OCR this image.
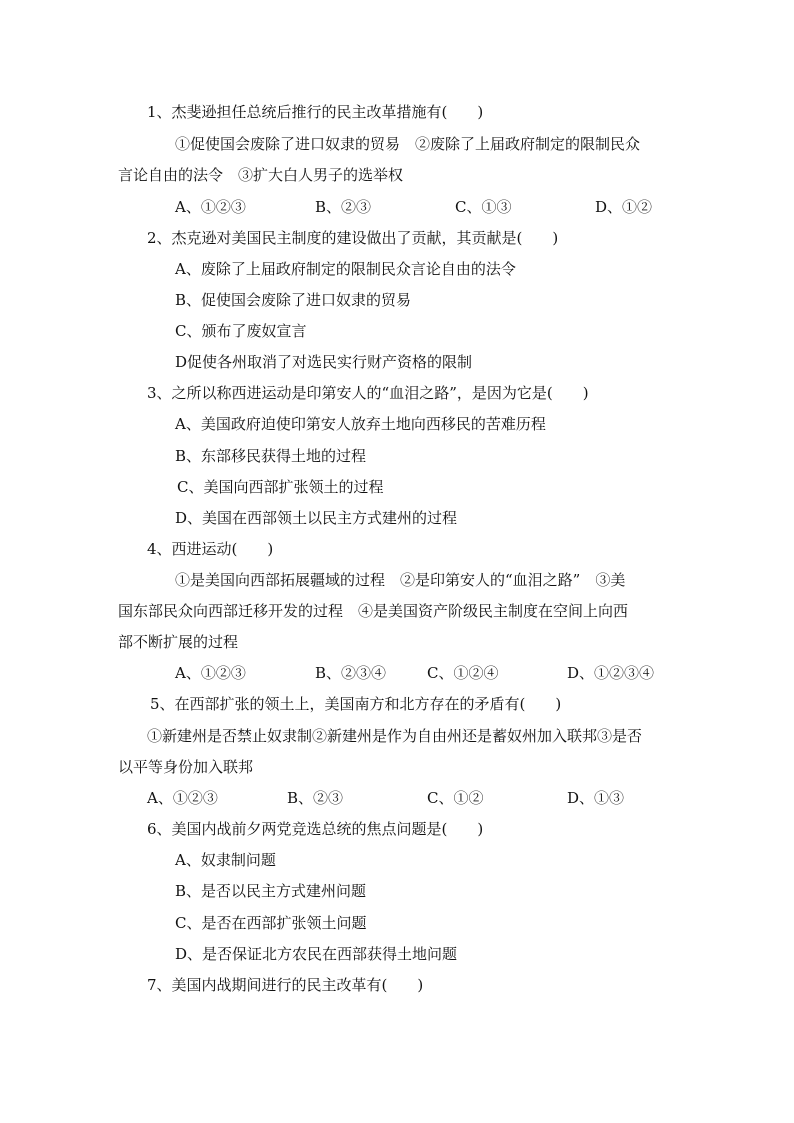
1、杰斐逊担任总统后推行的民主改革措施有(　　)
①促使国会废除了进口奴隶的贸易　②废除了上届政府制定的限制民众
言论自由的法令　③扩大白人男子的选举权
A、①②③	B、②③	C、①③	D、①②
2、杰克逊对美国民主制度的建设做出了贡献，其贡献是(　　)
A、废除了上届政府制定的限制民众言论自由的法令
B、促使国会废除了进口奴隶的贸易
C、颁布了废奴宣言
D促使各州取消了对选民实行财产资格的限制
3、之所以称西进运动是印第安人的“血泪之路”，是因为它是(　　)
A、美国政府迫使印第安人放弃土地向西移民的苦难历程
B、东部移民获得土地的过程
C、美国向西部扩张领土的过程
D、美国在西部领土以民主方式建州的过程
4、西进运动(　　)
①是美国向西部拓展疆域的过程　②是印第安人的“血泪之路”　③美
国东部民众向西部迁移开发的过程　④是美国资产阶级民主制度在空间上向西
部不断扩展的过程
A、①②③	B、②③④	C、①②④	D、①②③④
5、在西部扩张的领土上，美国南方和北方存在的矛盾有(　　)
①新建州是否禁止奴隶制②新建州是作为自由州还是蓄奴州加入联邦③是否
以平等身份加入联邦
A、①②③	B、②③	C、①②	D、①③
6、美国内战前夕两党竞选总统的焦点问题是(　　)
A、奴隶制问题
B、是否以民主方式建州问题
C、是否在西部扩张领土问题
D、是否保证北方农民在西部获得土地问题
7、美国内战期间进行的民主改革有(　　)
